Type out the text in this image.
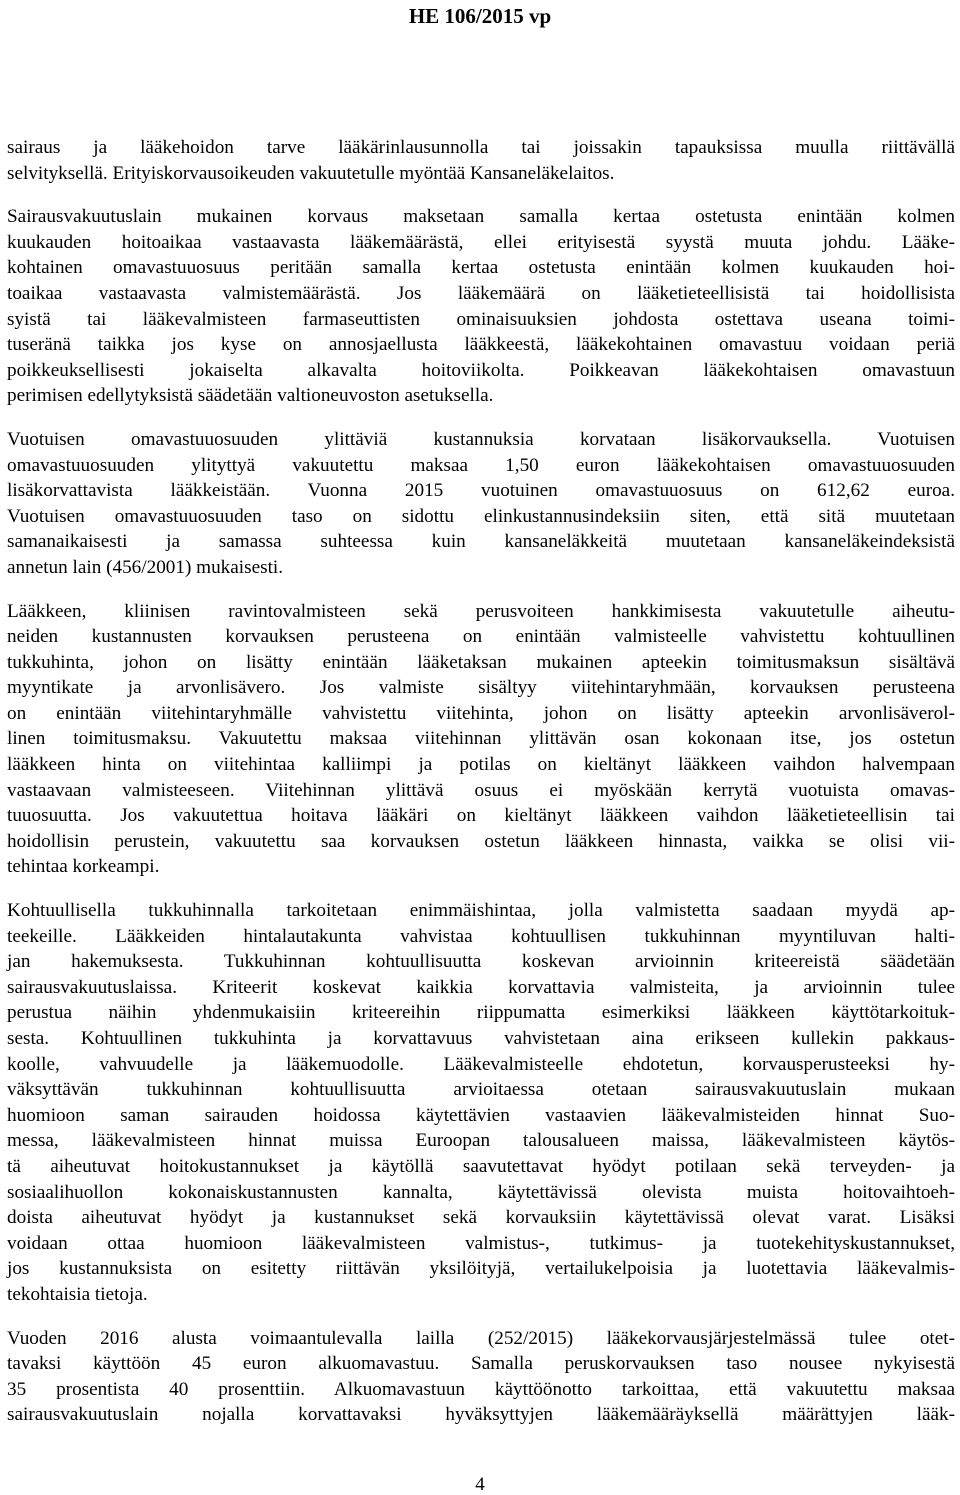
HE 106/2015 vp
sairaus ja lääkehoidon tarve lääkärinlausunnolla tai joissakin tapauksissa muulla riittävällä
selvityksellä. Erityiskorvausoikeuden vakuutetulle myöntää Kansaneläkelaitos.
Sairausvakuutuslain mukainen korvaus maksetaan samalla kertaa ostetusta enintään kolmen
kuukauden hoitoaikaa vastaavasta lääkemäärästä, ellei erityisestä syystä muuta johdu. Lääke-
kohtainen omavastuuosuus peritään samalla kertaa ostetusta enintään kolmen kuukauden hoi-
toaikaa vastaavasta valmistemäärästä. Jos lääkemäärä on lääketieteellisistä tai hoidollisista
syistä tai lääkevalmisteen farmaseuttisten ominaisuuksien johdosta ostettava useana toimi-
tuseränä taikka jos kyse on annosjaellusta lääkkeestä, lääkekohtainen omavastuu voidaan periä
poikkeuksellisesti jokaiselta alkavalta hoitoviikolta. Poikkeavan lääkekohtaisen omavastuun
perimisen edellytyksistä säädetään valtioneuvoston asetuksella.
Vuotuisen omavastuuosuuden ylittäviä kustannuksia korvataan lisäkorvauksella. Vuotuisen
omavastuuosuuden ylityttyä vakuutettu maksaa 1,50 euron lääkekohtaisen omavastuuosuuden
lisäkorvattavista lääkkeistään. Vuonna 2015 vuotuinen omavastuuosuus on 612,62 euroa.
Vuotuisen omavastuuosuuden taso on sidottu elinkustannusindeksiin siten, että sitä muutetaan
samanaikaisesti ja samassa suhteessa kuin kansaneläkkeitä muutetaan kansaneläkeindeksistä
annetun lain (456/2001) mukaisesti.
Lääkkeen, kliinisen ravintovalmisteen sekä perusvoiteen hankkimisesta vakuutetulle aiheutu-
neiden kustannusten korvauksen perusteena on enintään valmisteelle vahvistettu kohtuullinen
tukkuhinta, johon on lisätty enintään lääketaksan mukainen apteekin toimitusmaksun sisältävä
myyntikate ja arvonlisävero. Jos valmiste sisältyy viitehintaryhmään, korvauksen perusteena
on enintään viitehintaryhmälle vahvistettu viitehinta, johon on lisätty apteekin arvonlisäverol-
linen toimitusmaksu. Vakuutettu maksaa viitehinnan ylittävän osan kokonaan itse, jos ostetun
lääkkeen hinta on viitehintaa kalliimpi ja potilas on kieltänyt lääkkeen vaihdon halvempaan
vastaavaan valmisteeseen. Viitehinnan ylittävä osuus ei myöskään kerrytä vuotuista omavas-
tuuosuutta. Jos vakuutettua hoitava lääkäri on kieltänyt lääkkeen vaihdon lääketieteellisin tai
hoidollisin perustein, vakuutettu saa korvauksen ostetun lääkkeen hinnasta, vaikka se olisi vii-
tehintaa korkeampi.
Kohtuullisella tukkuhinnalla tarkoitetaan enimmäishintaa, jolla valmistetta saadaan myydä ap-
teekeille. Lääkkeiden hintalautakunta vahvistaa kohtuullisen tukkuhinnan myyntiluvan halti-
jan hakemuksesta. Tukkuhinnan kohtuullisuutta koskevan arvioinnin kriteereistä säädetään
sairausvakuutuslaissa. Kriteerit koskevat kaikkia korvattavia valmisteita, ja arvioinnin tulee
perustua näihin yhdenmukaisiin kriteereihin riippumatta esimerkiksi lääkkeen käyttötarkoituk-
sesta. Kohtuullinen tukkuhinta ja korvattavuus vahvistetaan aina erikseen kullekin pakkaus-
koolle, vahvuudelle ja lääkemuodolle. Lääkevalmisteelle ehdotetun, korvausperusteeksi hy-
väksyttävän tukkuhinnan kohtuullisuutta arvioitaessa otetaan sairausvakuutuslain mukaan
huomioon saman sairauden hoidossa käytettävien vastaavien lääkevalmisteiden hinnat Suo-
messa, lääkevalmisteen hinnat muissa Euroopan talousalueen maissa, lääkevalmisteen käytös-
tä aiheutuvat hoitokustannukset ja käytöllä saavutettavat hyödyt potilaan sekä terveyden- ja
sosiaalihuollon kokonaiskustannusten kannalta, käytettävissä olevista muista hoitovaihtoeh-
doista aiheutuvat hyödyt ja kustannukset sekä korvauksiin käytettävissä olevat varat. Lisäksi
voidaan ottaa huomioon lääkevalmisteen valmistus-, tutkimus- ja tuotekehityskustannukset,
jos kustannuksista on esitetty riittävän yksilöityjä, vertailukelpoisia ja luotettavia lääkevalmis-
tekohtaisia tietoja.
Vuoden 2016 alusta voimaantulevalla lailla (252/2015) lääkekorvausjärjestelmässä tulee otet-
tavaksi käyttöön 45 euron alkuomavastuu. Samalla peruskorvauksen taso nousee nykyisestä
35 prosentista 40 prosenttiin. Alkuomavastuun käyttöönotto tarkoittaa, että vakuutettu maksaa
sairausvakuutuslain nojalla korvattavaksi hyväksyttyjen lääkemääräyksellä määrättyjen lääk-
4
